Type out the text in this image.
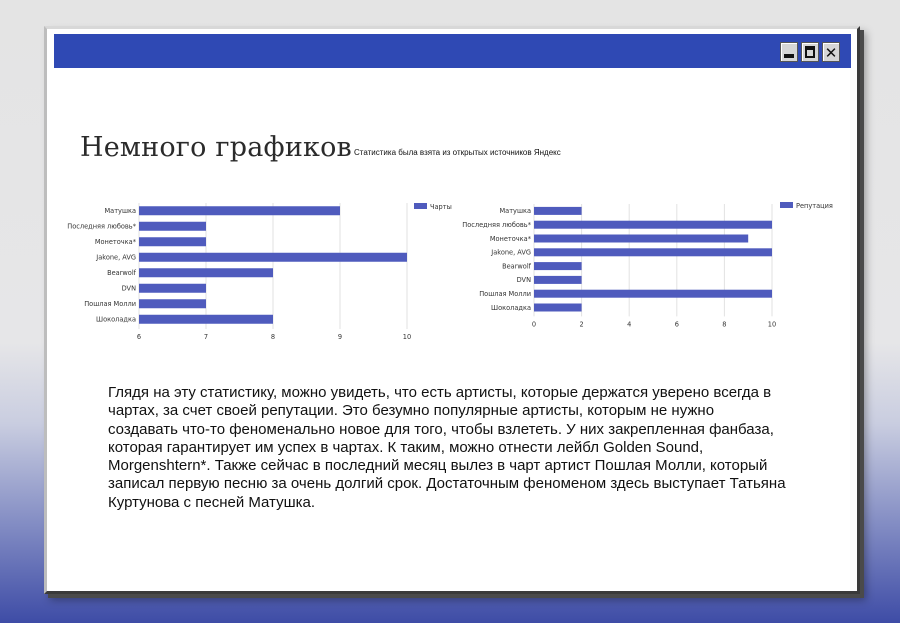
✕
Немного графиков Статистика была взята из открытых источников Яндекс
6	7	8	9	10
Матушка
Последняя любовь*
Монеточка*
Jakone, AVG
Bearwolf
DVN
Пошлая Молли
Шоколадка
Чарты
0	2	4	6	8	10
Матушка
Последняя любовь*
Монеточка*
Jakone, AVG
Bearwolf
DVN
Пошлая Молли
Шоколадка
Репутация

Глядя на эту статистику, можно увидеть, что есть артисты, которые держатся уверено всегда в чартах, за счет своей репутации. Это безумно популярные артисты, которым не нужно создавать что-то феноменально новое для того, чтобы взлететь. У них закрепленная фанбаза, которая гарантирует им успех в чартах. К таким, можно отнести лейбл Golden Sound, Morgenshtern*. Также сейчас в последний месяц вылез в чарт артист Пошлая Молли, который записал первую песню за очень долгий срок. Достаточным феноменом здесь выступает Татьяна Куртунова с песней Матушка.
